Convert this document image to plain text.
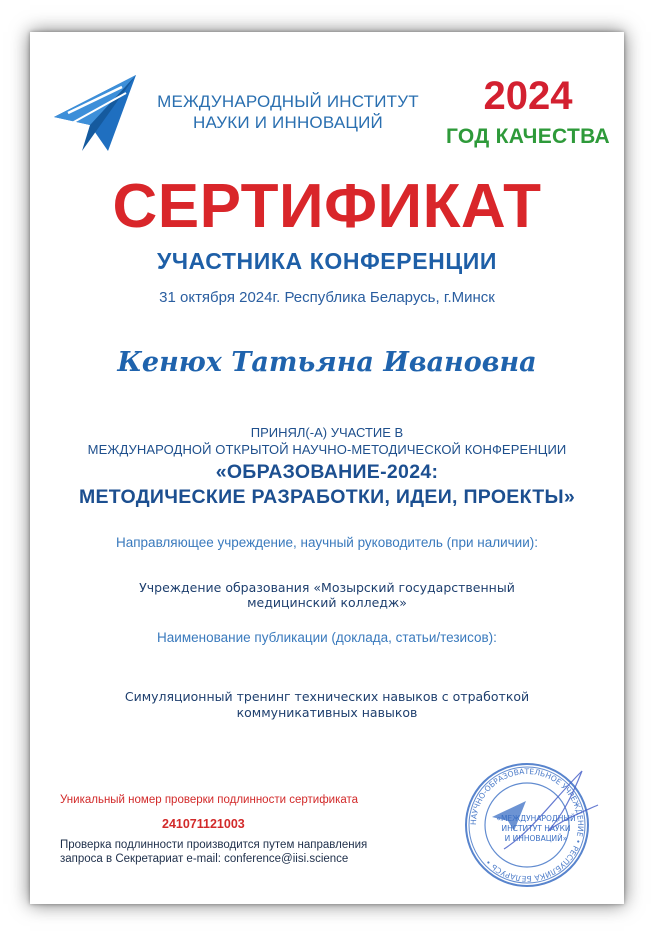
МЕЖДУНАРОДНЫЙ ИНСТИТУТ
НАУКИ И ИННОВАЦИЙ
2024
ГОД КАЧЕСТВА
СЕРТИФИКАТ
УЧАСТНИКА КОНФЕРЕНЦИИ
31 октября 2024г. Республика Беларусь, г.Минск
Кенюх Татьяна Ивановна
ПРИНЯЛ(-А) УЧАСТИЕ В
МЕЖДУНАРОДНОЙ ОТКРЫТОЙ НАУЧНО-МЕТОДИЧЕСКОЙ КОНФЕРЕНЦИИ
«ОБРАЗОВАНИЕ-2024:
МЕТОДИЧЕСКИЕ РАЗРАБОТКИ, ИДЕИ, ПРОЕКТЫ»
Направляющее учреждение, научный руководитель (при наличии):
Учреждение образования «Мозырский государственный
медицинский колледж»
Наименование публикации (доклада, статьи/тезисов):
Симуляционный тренинг технических навыков с отработкой
коммуникативных навыков
Уникальный номер проверки подлинности сертификата
241071121003
Проверка подлинности производится путем направления
запроса в Секретариат e-mail: conference@iisi.science
НАУЧНО-ОБРАЗОВАТЕЛЬНОЕ УЧРЕЖДЕНИЕ • РЕСПУБЛИКА БЕЛАРУСЬ •
«МЕЖДУНАРОДНЫЙ
ИНСТИТУТ НАУКИ
И ИННОВАЦИЙ»
